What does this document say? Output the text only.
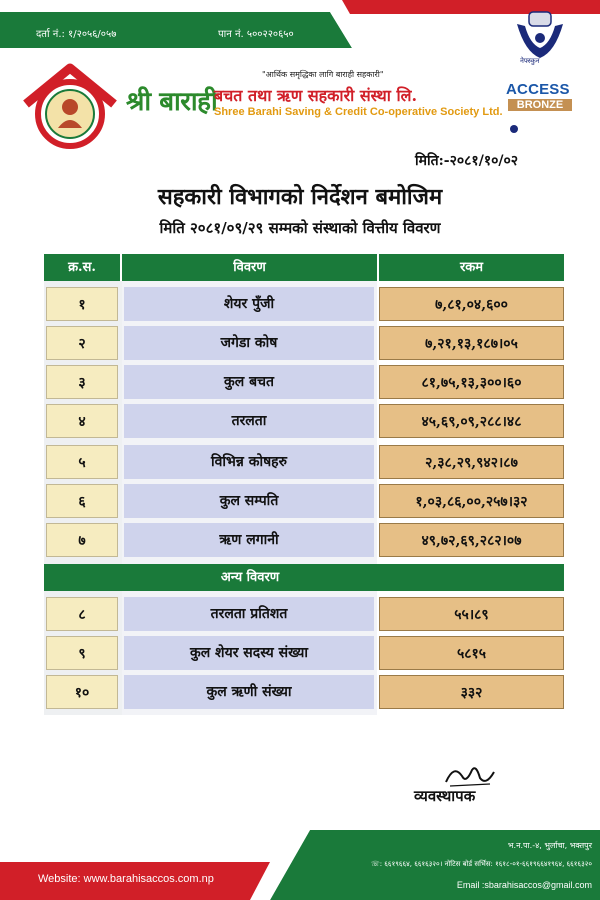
दर्ता नं.: १/२०५६/०५७	पान नं. ५००२२०६५०
नेफ्स्कुन
"आर्थिक समृद्धिका लागि बाराही सहकारी"
श्री बाराही
बचत तथा ऋण सहकारी संस्था लि.
Shree Barahi Saving & Credit Co-operative Society Ltd.
ACCESS
BRONZE
मिति:-२०८१/१०/०२
सहकारी विभागको निर्देशन बमोजिम
मिति २०८१/०९/२९ सम्मको संस्थाको वित्तीय विवरण
क्र.स.	विवरण	रकम
१	शेयर पुँजी	७,८१,०४,६००
२	जगेडा कोष	७,२१,१३,१८७।०५
३	कुल बचत	८१,७५,१३,३००।६०
४	तरलता	४५,६९,०९,२८८।४८
५	विभिन्न कोषहरु	२,३८,२९,९४२।८७
६	कुल सम्पति	१,०३,८६,००,२५७।३२
७	ऋण लगानी	४९,७२,६९,२८२।०७
अन्य विवरण
८	तरलता प्रतिशत	५५।८९
९	कुल शेयर सदस्य संख्या	५८१५
१०	कुल ऋणी संख्या	३३२
व्यवस्थापक
Website: www.barahisaccos.com.np
भ.न.पा.-४, भुर्लाचा, भक्तपुर
☏: ६६१९६६४, ६६१६३२०। नोटिस बोर्ड सर्भिस: १६१८-०१-६६१९६६४१९६४, ६६१६३२०
Email :sbarahisaccos@gmail.com
